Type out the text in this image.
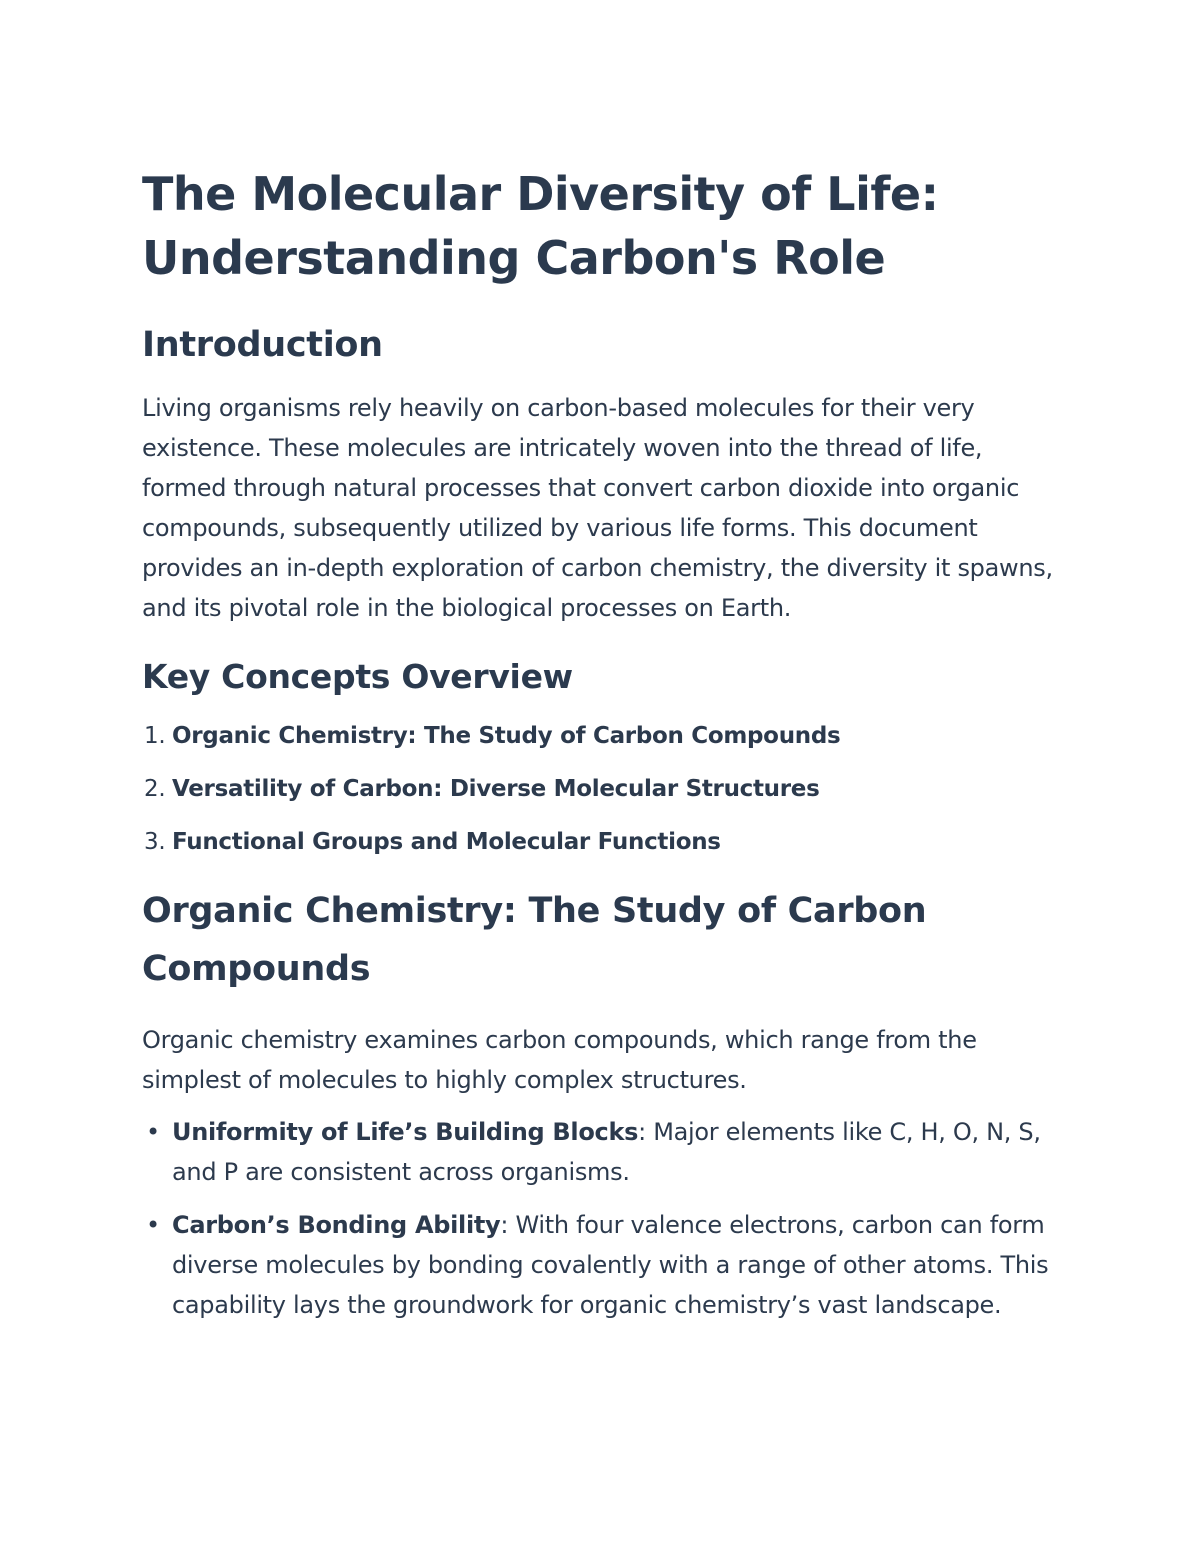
The Molecular Diversity of Life: Understanding Carbon's Role
Introduction

Living organisms rely heavily on carbon-based molecules for their very existence. These molecules are intricately woven into the thread of life, formed through natural processes that convert carbon dioxide into organic compounds, subsequently utilized by various life forms. This document provides an in-depth exploration of carbon chemistry, the diversity it spawns, and its pivotal role in the biological processes on Earth.

Key Concepts Overview
1. Organic Chemistry: The Study of Carbon Compounds
2. Versatility of Carbon: Diverse Molecular Structures
3. Functional Groups and Molecular Functions
Organic Chemistry: The Study of Carbon Compounds

Organic chemistry examines carbon compounds, which range from the simplest of molecules to highly complex structures.

• Uniformity of Life’s Building Blocks: Major elements like C, H, O, N, S, and P are consistent across organisms.
• Carbon’s Bonding Ability: With four valence electrons, carbon can form diverse molecules by bonding covalently with a range of other atoms. This capability lays the groundwork for organic chemistry’s vast landscape.
